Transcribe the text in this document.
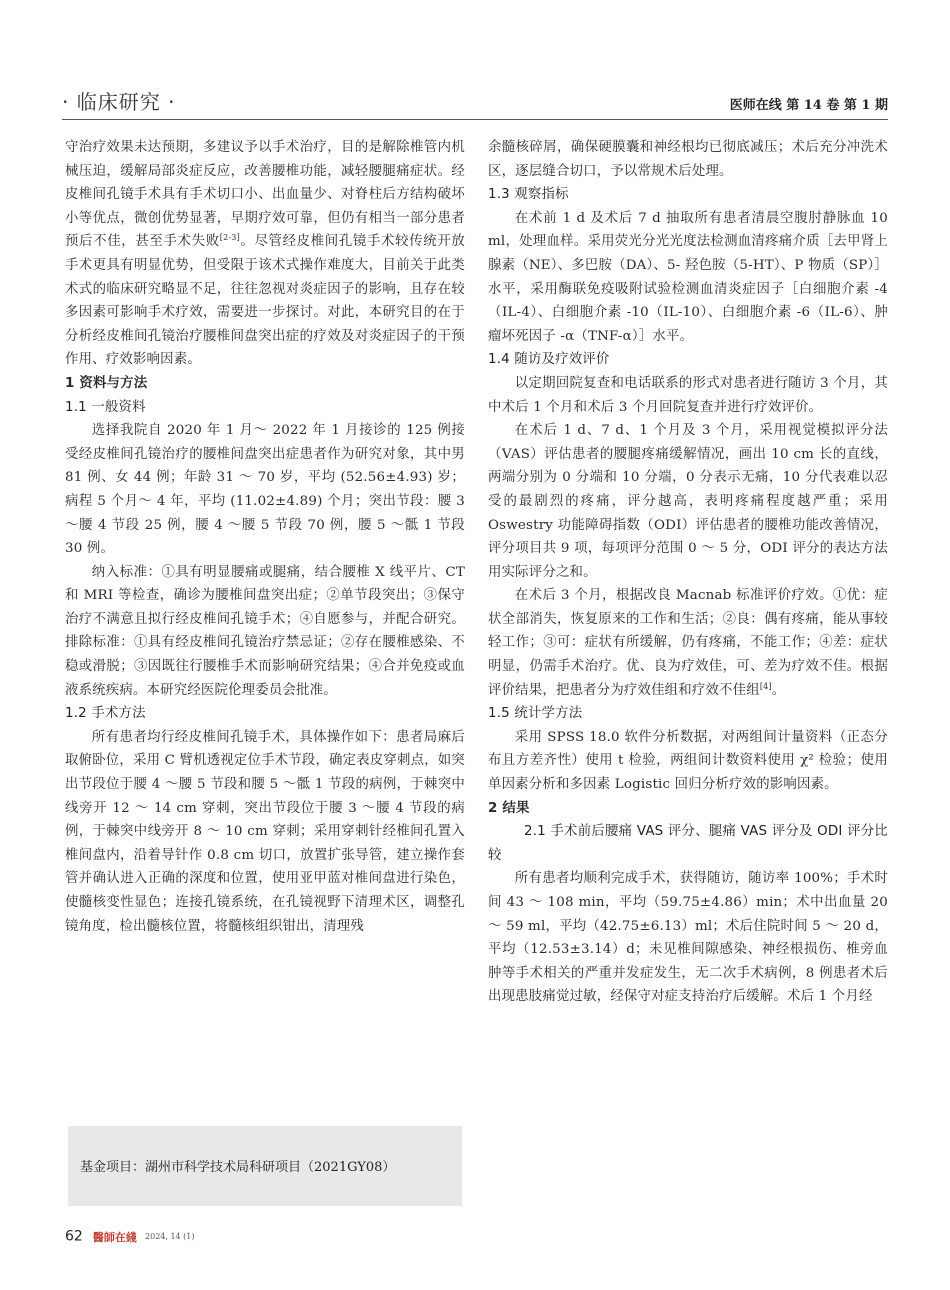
· 临床研究 ·	医师在线 第 14 卷 第 1 期

守治疗效果未达预期，多建议予以手术治疗，目的是解除椎管内机械压迫，缓解局部炎症反应，改善腰椎功能，减轻腰腿痛症状。经皮椎间孔镜手术具有手术切口小、出血量少、对脊柱后方结构破坏小等优点，微创优势显著，早期疗效可靠，但仍有相当一部分患者预后不佳，甚至手术失败[2-3]。尽管经皮椎间孔镜手术较传统开放手术更具有明显优势，但受限于该术式操作难度大，目前关于此类术式的临床研究略显不足，往往忽视对炎症因子的影响，且存在较多因素可影响手术疗效，需要进一步探讨。对此，本研究目的在于分析经皮椎间孔镜治疗腰椎间盘突出症的疗效及对炎症因子的干预作用、疗效影响因素。

1 资料与方法

1.1 一般资料

选择我院自 2020 年 1 月～ 2022 年 1 月接诊的 125 例接受经皮椎间孔镜治疗的腰椎间盘突出症患者作为研究对象，其中男 81 例、女 44 例；年龄 31 ～ 70 岁，平均 (52.56±4.93) 岁；病程 5 个月～ 4 年，平均 (11.02±4.89) 个月；突出节段：腰 3 ～腰 4 节段 25 例，腰 4 ～腰 5 节段 70 例，腰 5 ～骶 1 节段 30 例。

纳入标准：①具有明显腰痛或腿痛，结合腰椎 X 线平片、CT 和 MRI 等检查，确诊为腰椎间盘突出症；②单节段突出；③保守治疗不满意且拟行经皮椎间孔镜手术；④自愿参与，并配合研究。排除标准：①具有经皮椎间孔镜治疗禁忌证；②存在腰椎感染、不稳或滑脱；③因既往行腰椎手术而影响研究结果；④合并免疫或血液系统疾病。本研究经医院伦理委员会批准。

1.2 手术方法

所有患者均行经皮椎间孔镜手术，具体操作如下：患者局麻后取俯卧位，采用 C 臂机透视定位手术节段，确定表皮穿刺点，如突出节段位于腰 4 ～腰 5 节段和腰 5 ～骶 1 节段的病例，于棘突中线旁开 12 ～ 14 cm 穿刺，突出节段位于腰 3 ～腰 4 节段的病例，于棘突中线旁开 8 ～ 10 cm 穿刺；采用穿刺针经椎间孔置入椎间盘内，沿着导针作 0.8 cm 切口，放置扩张导管，建立操作套管并确认进入正确的深度和位置，使用亚甲蓝对椎间盘进行染色，使髓核变性显色；连接孔镜系统，在孔镜视野下清理术区，调整孔镜角度，检出髓核位置，将髓核组织钳出，清理残

基金项目：湖州市科学技术局科研项目（2021GY08）
62 醫師在綫 2024, 14 (1)

余髓核碎屑，确保硬膜囊和神经根均已彻底减压；术后充分冲洗术区，逐层缝合切口，予以常规术后处理。

1.3 观察指标

在术前 1 d 及术后 7 d 抽取所有患者清晨空腹肘静脉血 10 ml，处理血样。采用荧光分光光度法检测血清疼痛介质［去甲肾上腺素（NE）、多巴胺（DA）、5- 羟色胺（5-HT）、P 物质（SP）］水平，采用酶联免疫吸附试验检测血清炎症因子［白细胞介素 -4（IL-4）、白细胞介素 -10（IL-10）、白细胞介素 -6（IL-6）、肿瘤坏死因子 -α（TNF-α）］水平。

1.4 随访及疗效评价

以定期回院复查和电话联系的形式对患者进行随访 3 个月，其中术后 1 个月和术后 3 个月回院复查并进行疗效评价。

在术后 1 d、7 d、1 个月及 3 个月，采用视觉模拟评分法（VAS）评估患者的腰腿疼痛缓解情况，画出 10 cm 长的直线，两端分别为 0 分端和 10 分端，0 分表示无痛，10 分代表难以忍受的最剧烈的疼痛，评分越高，表明疼痛程度越严重；采用 Oswestry 功能障碍指数（ODI）评估患者的腰椎功能改善情况，评分项目共 9 项，每项评分范围 0 ～ 5 分，ODI 评分的表达方法用实际评分之和。

在术后 3 个月，根据改良 Macnab 标准评价疗效。①优：症状全部消失，恢复原来的工作和生活；②良：偶有疼痛，能从事较轻工作；③可：症状有所缓解，仍有疼痛，不能工作；④差：症状明显，仍需手术治疗。优、良为疗效佳，可、差为疗效不佳。根据评价结果，把患者分为疗效佳组和疗效不佳组[4]。

1.5 统计学方法

采用 SPSS 18.0 软件分析数据，对两组间计量资料（正态分布且方差齐性）使用 t 检验，两组间计数资料使用 χ² 检验；使用单因素分析和多因素 Logistic 回归分析疗效的影响因素。

2 结果

2.1 手术前后腰痛 VAS 评分、腿痛 VAS 评分及 ODI 评分比较

所有患者均顺利完成手术，获得随访，随访率 100%；手术时间 43 ～ 108 min，平均（59.75±4.86）min；术中出血量 20 ～ 59 ml，平均（42.75±6.13）ml；术后住院时间 5 ～ 20 d，平均（12.53±3.14）d；未见椎间隙感染、神经根损伤、椎旁血肿等手术相关的严重并发症发生，无二次手术病例，8 例患者术后出现患肢痛觉过敏，经保守对症支持治疗后缓解。术后 1 个月经
